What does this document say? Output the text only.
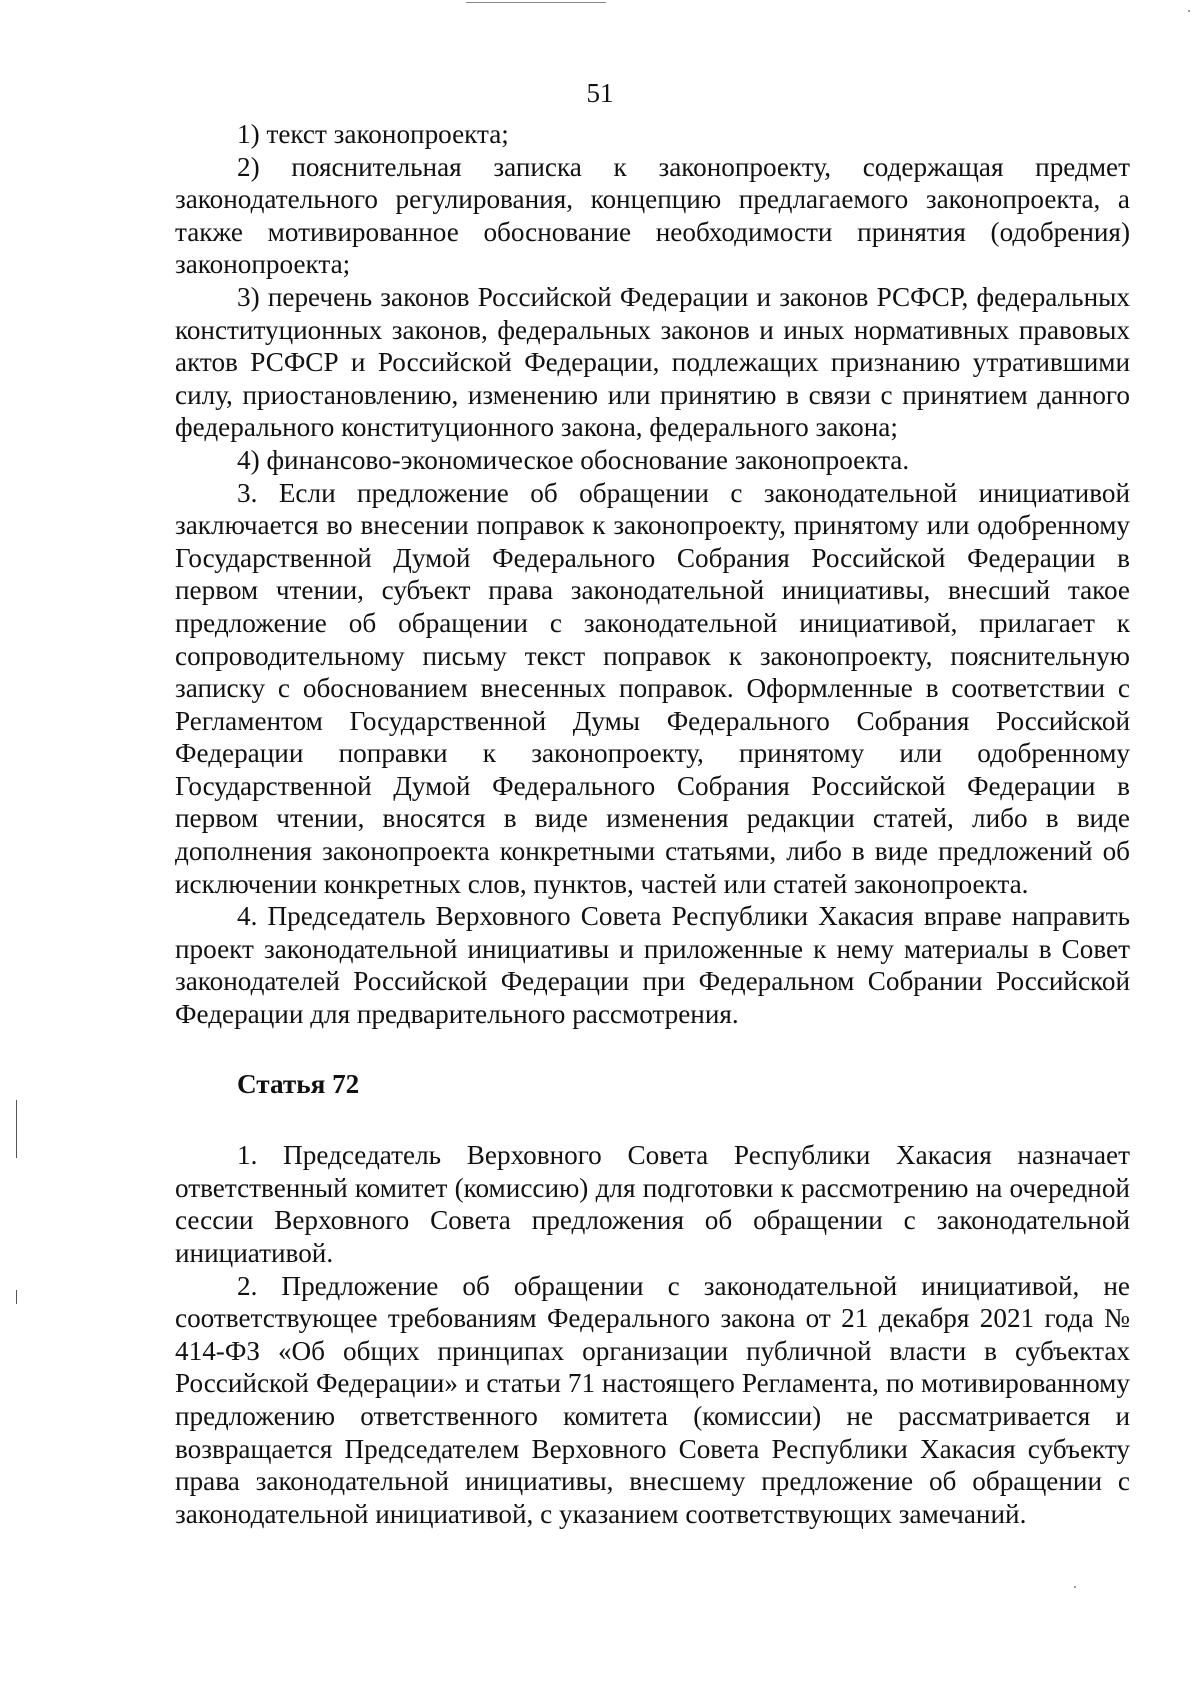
51

1) текст законопроекта;

2) пояснительная записка к законопроекту, содержащая предмет законодательного регулирования, концепцию предлагаемого законопроекта, а также мотивированное обоснование необходимости принятия (одобрения) законопроекта;

3) перечень законов Российской Федерации и законов РСФСР, федеральных конституционных законов, федеральных законов и иных нормативных правовых актов РСФСР и Российской Федерации, подлежащих признанию утратившими силу, приостановлению, изменению или принятию в связи с принятием данного федерального конституционного закона, федерального закона;

4) финансово-экономическое обоснование законопроекта.

3. Если предложение об обращении с законодательной инициативой заключается во внесении поправок к законопроекту, принятому или одобренному Государственной Думой Федерального Собрания Российской Федерации в первом чтении, субъект права законодательной инициативы, внесший такое предложение об обращении с законодательной инициативой, прилагает к сопроводительному письму текст поправок к законопроекту, пояснительную записку с обоснованием внесенных поправок. Оформленные в соответствии с Регламентом Государственной Думы Федерального Собрания Российской Федерации поправки к законопроекту, принятому или одобренному Государственной Думой Федерального Собрания Российской Федерации в первом чтении, вносятся в виде изменения редакции статей, либо в виде дополнения законопроекта конкретными статьями, либо в виде предложений об исключении конкретных слов, пунктов, частей или статей законопроекта.

4. Председатель Верховного Совета Республики Хакасия вправе направить проект законодательной инициативы и приложенные к нему материалы в Совет законодателей Российской Федерации при Федеральном Собрании Российской Федерации для предварительного рассмотрения.

Статья 72

1. Председатель Верховного Совета Республики Хакасия назначает ответственный комитет (комиссию) для подготовки к рассмотрению на очередной сессии Верховного Совета предложения об обращении с законодательной инициативой.

2. Предложение об обращении с законодательной инициативой, не соответствующее требованиям Федерального закона от 21 декабря 2021 года № 414-ФЗ «Об общих принципах организации публичной власти в субъектах Российской Федерации» и статьи 71 настоящего Регламента, по мотивированному предложению ответственного комитета (комиссии) не рассматривается и возвращается Председателем Верховного Совета Республики Хакасия субъекту права законодательной инициативы, внесшему предложение об обращении с законодательной инициативой, с указанием соответствующих замечаний.
